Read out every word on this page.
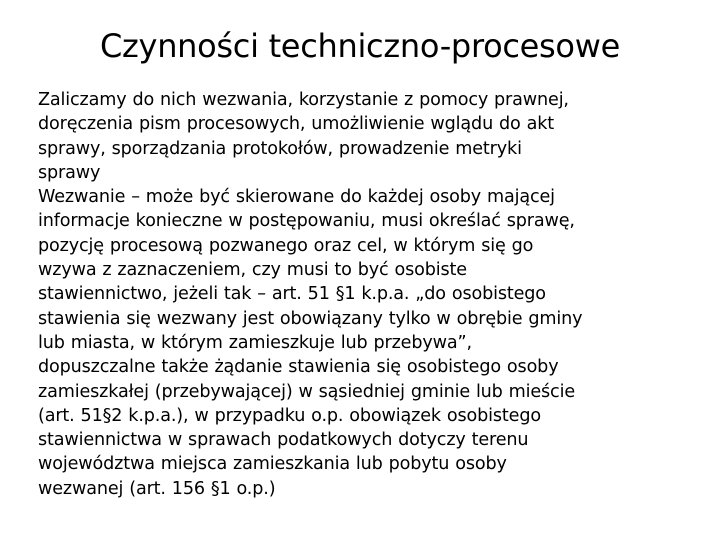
Czynności techniczno-procesowe

Zaliczamy do nich wezwania, korzystanie z pomocy prawnej,
doręczenia pism procesowych, umożliwienie wglądu do akt
sprawy, sporządzania protokołów, prowadzenie metryki
sprawy

Wezwanie – może być skierowane do każdej osoby mającej
informacje konieczne w postępowaniu, musi określać sprawę,
pozycję procesową pozwanego oraz cel, w którym się go
wzywa z zaznaczeniem, czy musi to być osobiste
stawiennictwo, jeżeli tak – art. 51 §1 k.p.a. „do osobistego
stawienia się wezwany jest obowiązany tylko w obrębie gminy
lub miasta, w którym zamieszkuje lub przebywa”,
dopuszczalne także żądanie stawienia się osobistego osoby
zamieszkałej (przebywającej) w sąsiedniej gminie lub mieście
(art. 51§2 k.p.a.), w przypadku o.p. obowiązek osobistego
stawiennictwa w sprawach podatkowych dotyczy terenu
województwa miejsca zamieszkania lub pobytu osoby
wezwanej (art. 156 §1 o.p.)
